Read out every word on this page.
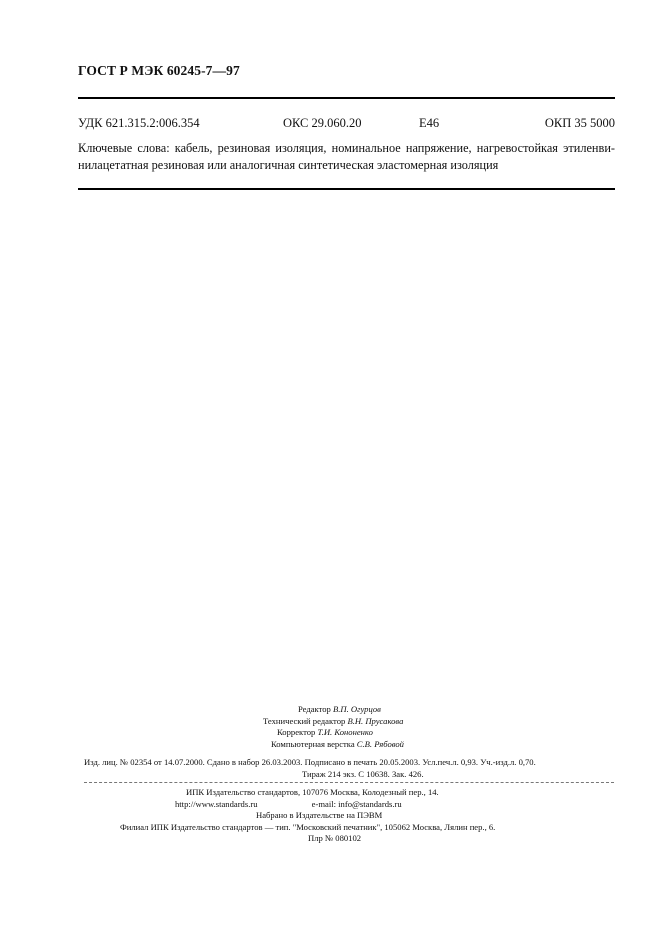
ГОСТ Р МЭК 60245-7—97
УДК 621.315.2:006.354	ОКС 29.060.20	Е46	ОКП 35 5000
Ключевые слова: кабель, резиновая изоляция, номинальное напряжение, нагревостойкая этиленви-
нилацетатная резиновая или аналогичная синтетическая эластомерная изоляция
Редактор В.П. Огурцов
Технический редактор В.Н. Прусакова
Корректор Т.И. Кононенко
Компьютерная верстка С.В. Рябовой
Изд. лиц. № 02354 от 14.07.2000. Сдано в набор 26.03.2003. Подписано в печать 20.05.2003. Усл.печ.л. 0,93. Уч.-изд.л. 0,70.
Тираж 214 экз. С 10638. Зак. 426.
ИПК Издательство стандартов, 107076 Москва, Колодезный пер., 14.
http://www.standards.ru	e-mail: info@standards.ru
Набрано в Издательстве на ПЭВМ
Филиал ИПК Издательство стандартов — тип. "Московский печатник", 105062 Москва, Лялин пер., 6.
Плр № 080102
